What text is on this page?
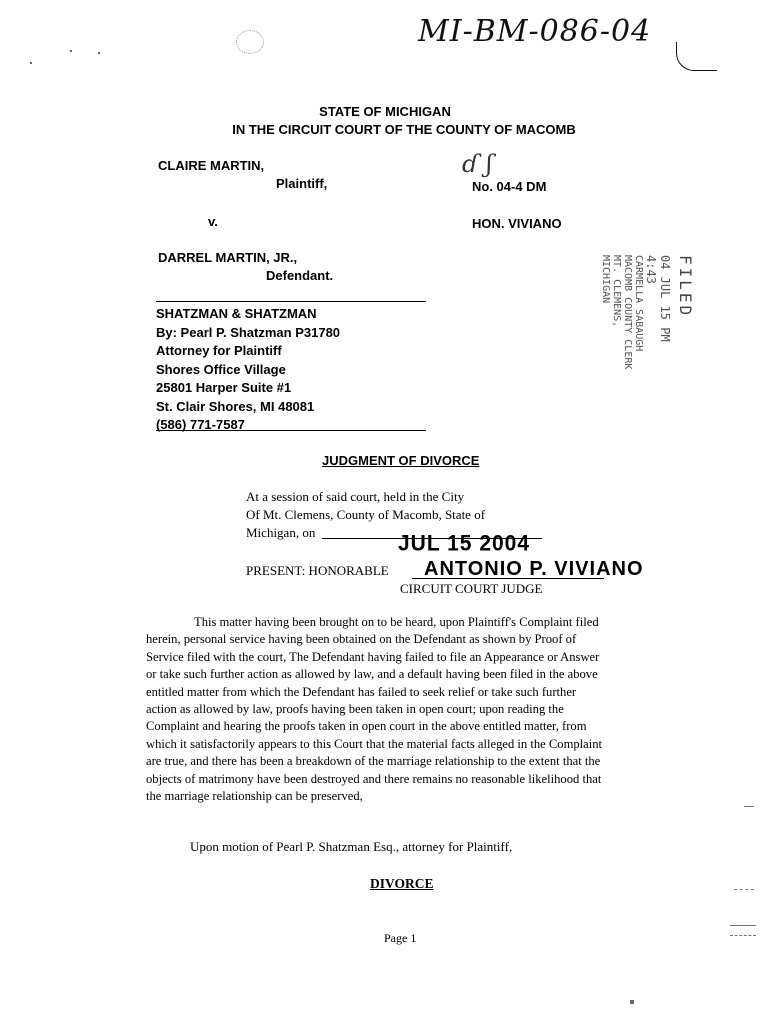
MI-BM-086-04
STATE OF MICHIGAN
IN THE CIRCUIT COURT OF THE COUNTY OF MACOMB
CLAIRE MARTIN,
Plaintiff,
v.
DARREL MARTIN, JR.,
Defendant.
ɗ ʃ
No. 04-4 DM
HON. VIVIANO
FILED
04 JUL 15 PM 4:43
CARMELLA SABAUGH
MACOMB COUNTY CLERK
MT. CLEMENS, MICHIGAN
SHATZMAN & SHATZMAN
By: Pearl P. Shatzman P31780
Attorney for Plaintiff
Shores Office Village
25801 Harper Suite #1
St. Clair Shores, MI 48081
(586) 771-7587
JUDGMENT OF DIVORCE
At a session of said court, held in the City
Of Mt. Clemens, County of Macomb, State of
Michigan, on	JUL 15 2004
PRESENT: HONORABLE ANTONIO P. VIVIANO
CIRCUIT COURT JUDGE

This matter having been brought on to be heard, upon Plaintiff's Complaint filed

herein, personal service having been obtained on the Defendant as shown by Proof of

Service filed with the court, The Defendant having failed to file an Appearance or Answer

or take such further action as allowed by law, and a default having been filed in the above

entitled matter from which the Defendant has failed to seek relief or take such further

action as allowed by law, proofs having been taken in open court; upon reading the

Complaint and hearing the proofs taken in open court in the above entitled matter, from

which it satisfactorily appears to this Court that the material facts alleged in the Complaint

are true, and there has been a breakdown of the marriage relationship to the extent that the

objects of matrimony have been destroyed and there remains no reasonable likelihood that

the marriage relationship can be preserved,

Upon motion of Pearl P. Shatzman Esq., attorney for Plaintiff,
DIVORCE
Page 1
